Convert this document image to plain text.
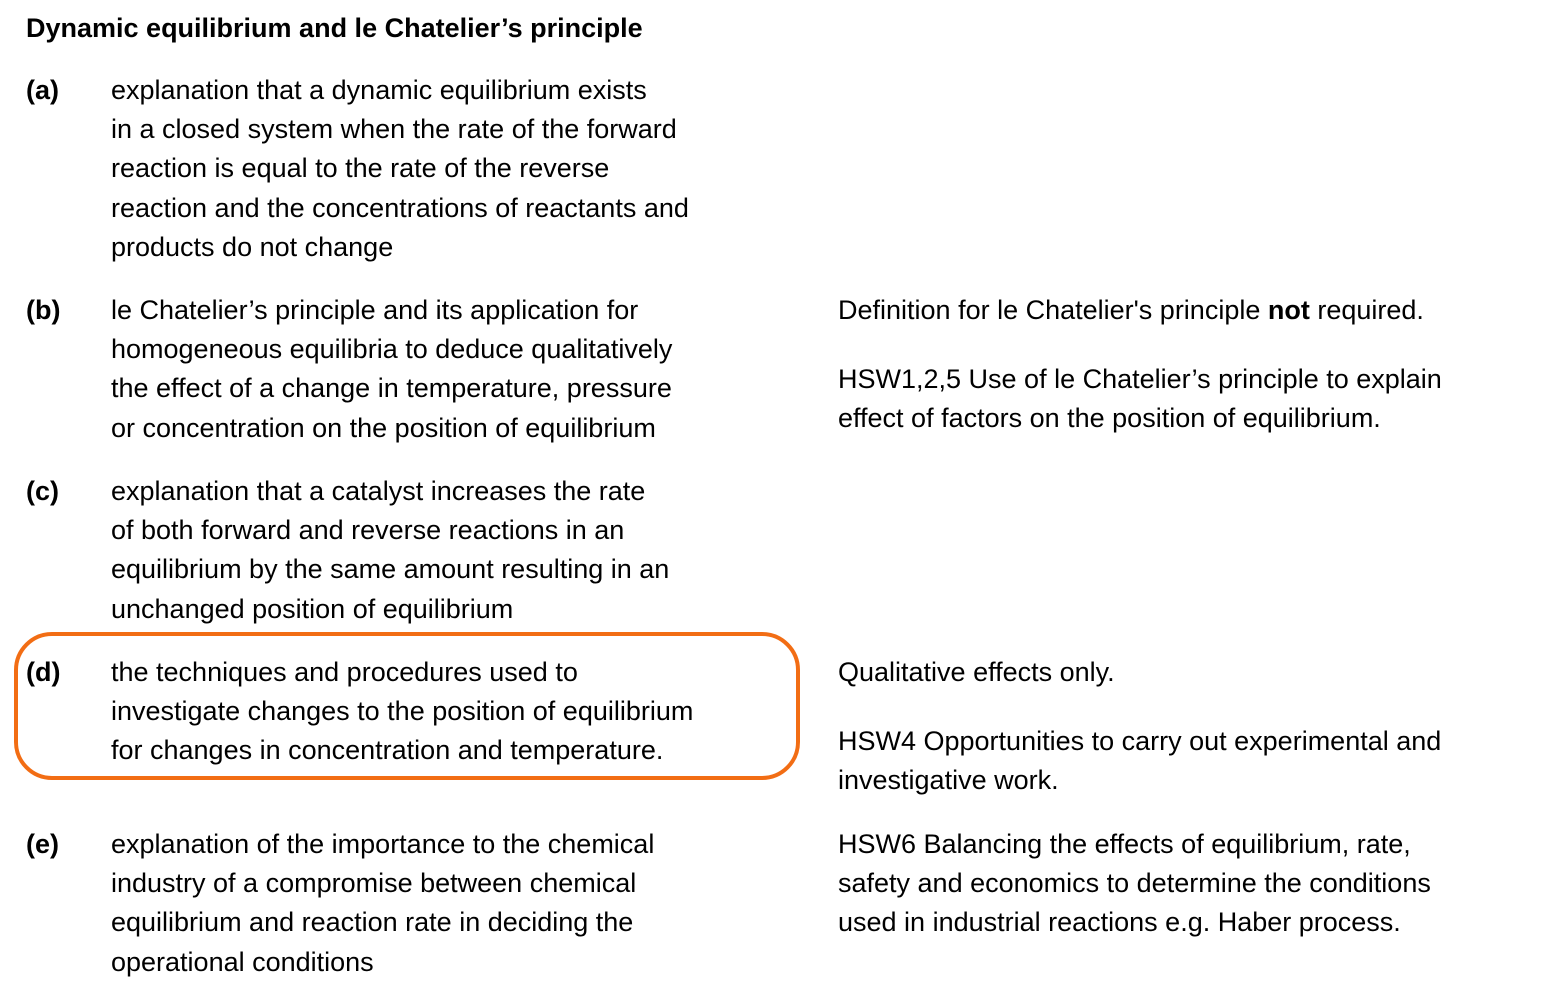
Dynamic equilibrium and le Chatelier’s principle
(a) explanation that a dynamic equilibrium exists

in a closed system when the rate of the forward

reaction is equal to the rate of the reverse

reaction and the concentrations of reactants and

products do not change

(b) le Chatelier’s principle and its application for

homogeneous equilibria to deduce qualitatively

the effect of a change in temperature, pressure

or concentration on the position of equilibrium

Definition for le Chatelier's principle not required.

HSW1,2,5 Use of le Chatelier’s principle to explain
effect of factors on the position of equilibrium.

(c) explanation that a catalyst increases the rate

of both forward and reverse reactions in an

equilibrium by the same amount resulting in an

unchanged position of equilibrium

(d) the techniques and procedures used to

investigate changes to the position of equilibrium

for changes in concentration and temperature.

Qualitative effects only.

HSW4 Opportunities to carry out experimental and
investigative work.

(e) explanation of the importance to the chemical

industry of a compromise between chemical

equilibrium and reaction rate in deciding the

operational conditions

HSW6 Balancing the effects of equilibrium, rate,
safety and economics to determine the conditions
used in industrial reactions e.g. Haber process.
